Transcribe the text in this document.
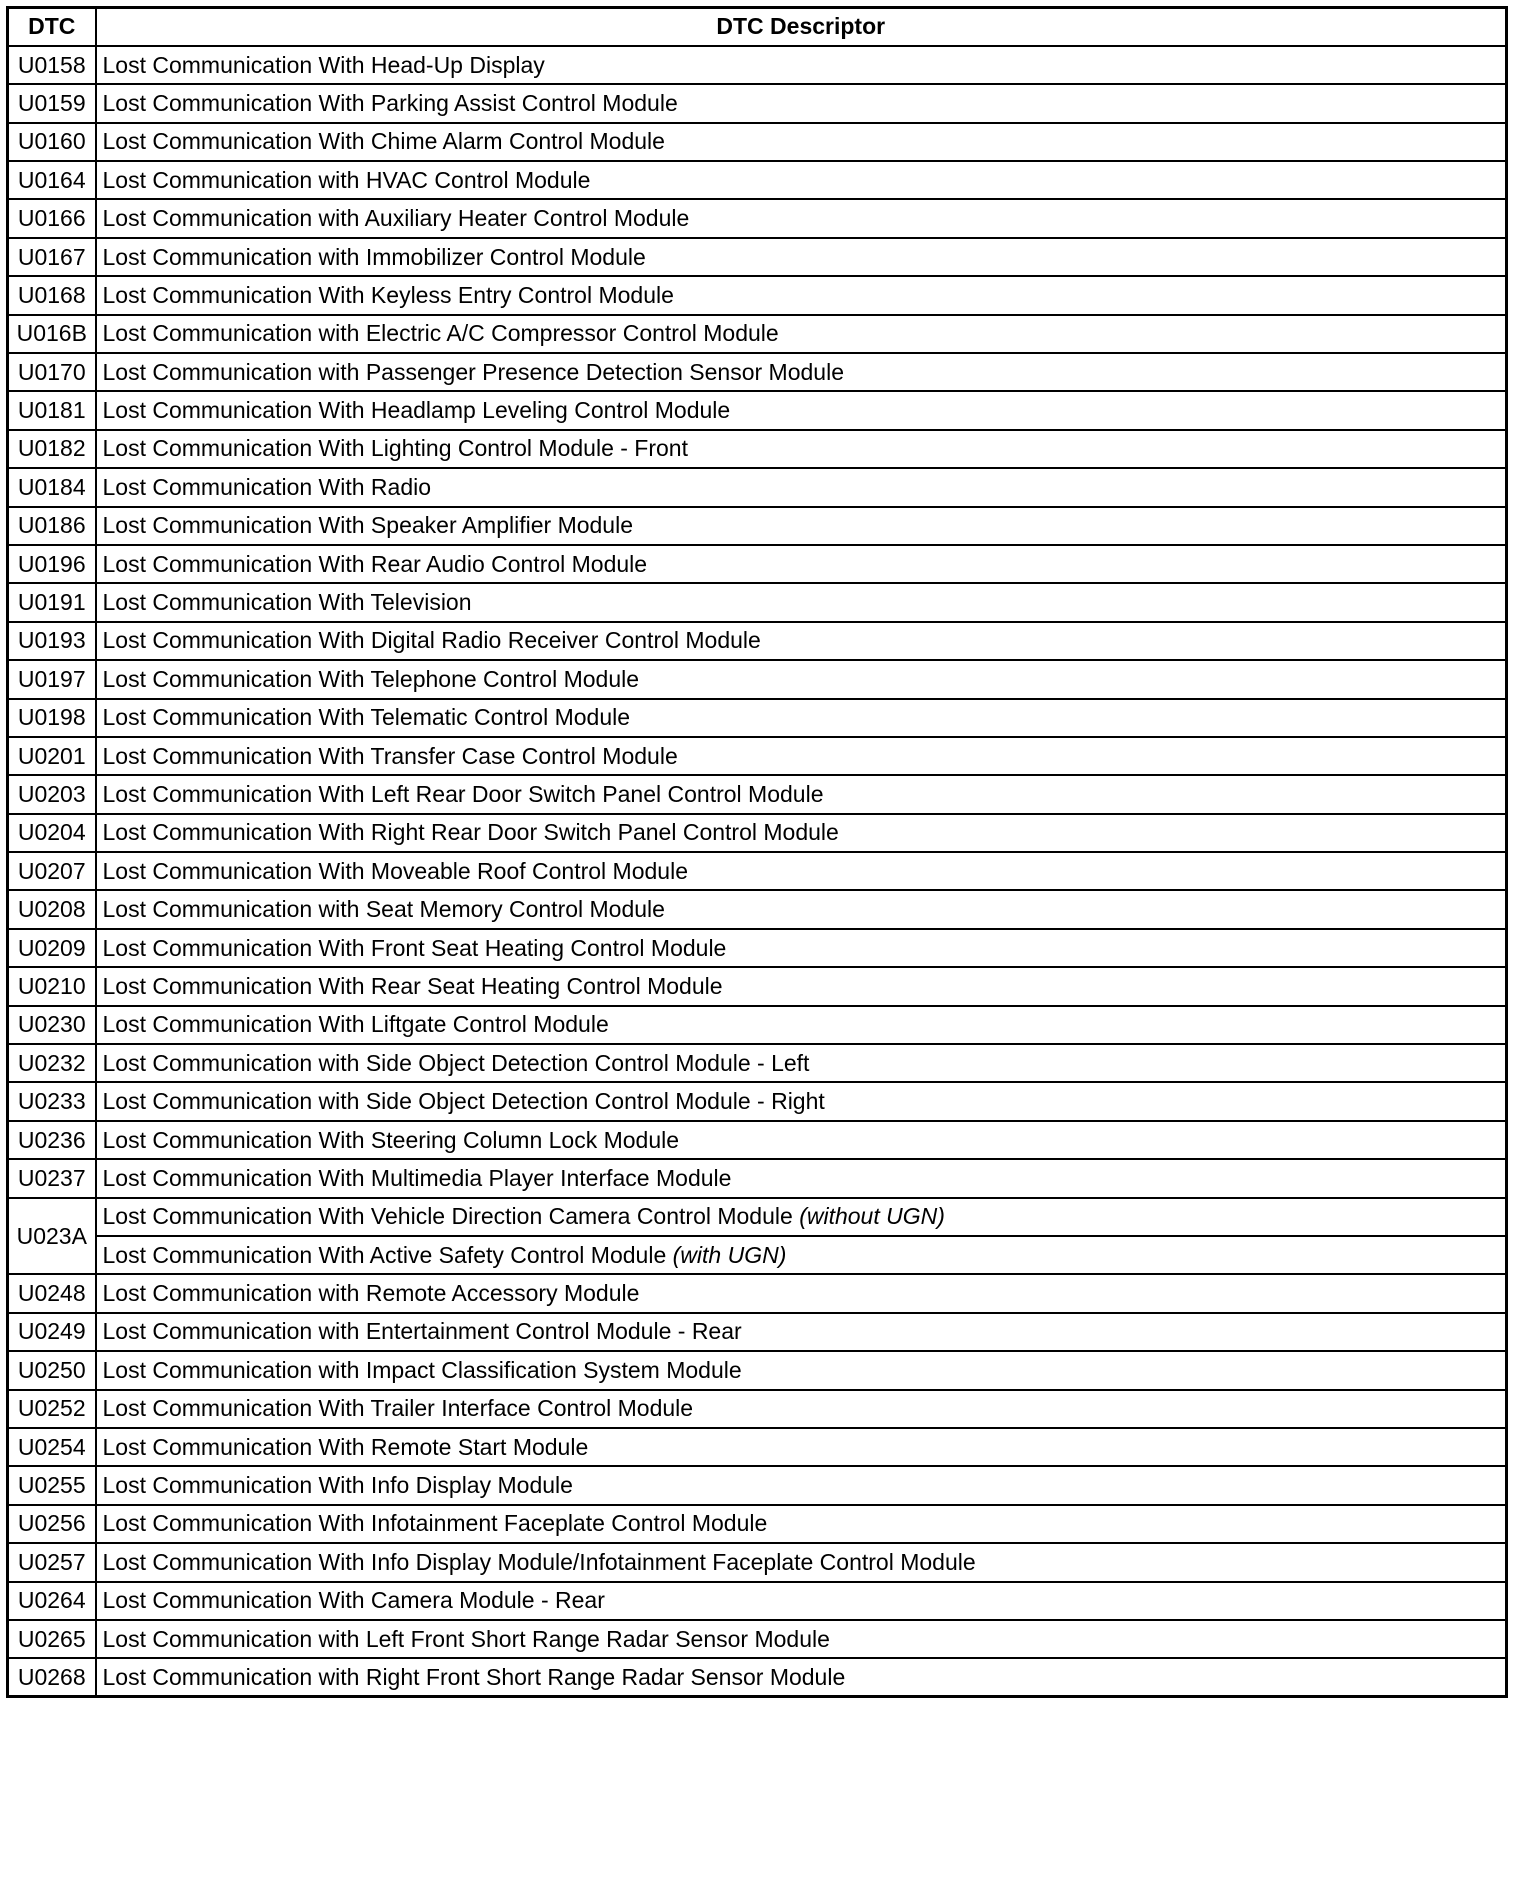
DTC	DTC Descriptor
U0158	Lost Communication With Head-Up Display
U0159	Lost Communication With Parking Assist Control Module
U0160	Lost Communication With Chime Alarm Control Module
U0164	Lost Communication with HVAC Control Module
U0166	Lost Communication with Auxiliary Heater Control Module
U0167	Lost Communication with Immobilizer Control Module
U0168	Lost Communication With Keyless Entry Control Module
U016B	Lost Communication with Electric A/C Compressor Control Module
U0170	Lost Communication with Passenger Presence Detection Sensor Module
U0181	Lost Communication With Headlamp Leveling Control Module
U0182	Lost Communication With Lighting Control Module - Front
U0184	Lost Communication With Radio
U0186	Lost Communication With Speaker Amplifier Module
U0196	Lost Communication With Rear Audio Control Module
U0191	Lost Communication With Television
U0193	Lost Communication With Digital Radio Receiver Control Module
U0197	Lost Communication With Telephone Control Module
U0198	Lost Communication With Telematic Control Module
U0201	Lost Communication With Transfer Case Control Module
U0203	Lost Communication With Left Rear Door Switch Panel Control Module
U0204	Lost Communication With Right Rear Door Switch Panel Control Module
U0207	Lost Communication With Moveable Roof Control Module
U0208	Lost Communication with Seat Memory Control Module
U0209	Lost Communication With Front Seat Heating Control Module
U0210	Lost Communication With Rear Seat Heating Control Module
U0230	Lost Communication With Liftgate Control Module
U0232	Lost Communication with Side Object Detection Control Module - Left
U0233	Lost Communication with Side Object Detection Control Module - Right
U0236	Lost Communication With Steering Column Lock Module
U0237	Lost Communication With Multimedia Player Interface Module
U023A	Lost Communication With Vehicle Direction Camera Control Module (without UGN)
	Lost Communication With Active Safety Control Module (with UGN)
U0248	Lost Communication with Remote Accessory Module
U0249	Lost Communication with Entertainment Control Module - Rear
U0250	Lost Communication with Impact Classification System Module
U0252	Lost Communication With Trailer Interface Control Module
U0254	Lost Communication With Remote Start Module
U0255	Lost Communication With Info Display Module
U0256	Lost Communication With Infotainment Faceplate Control Module
U0257	Lost Communication With Info Display Module/Infotainment Faceplate Control Module
U0264	Lost Communication With Camera Module - Rear
U0265	Lost Communication with Left Front Short Range Radar Sensor Module
U0268	Lost Communication with Right Front Short Range Radar Sensor Module
